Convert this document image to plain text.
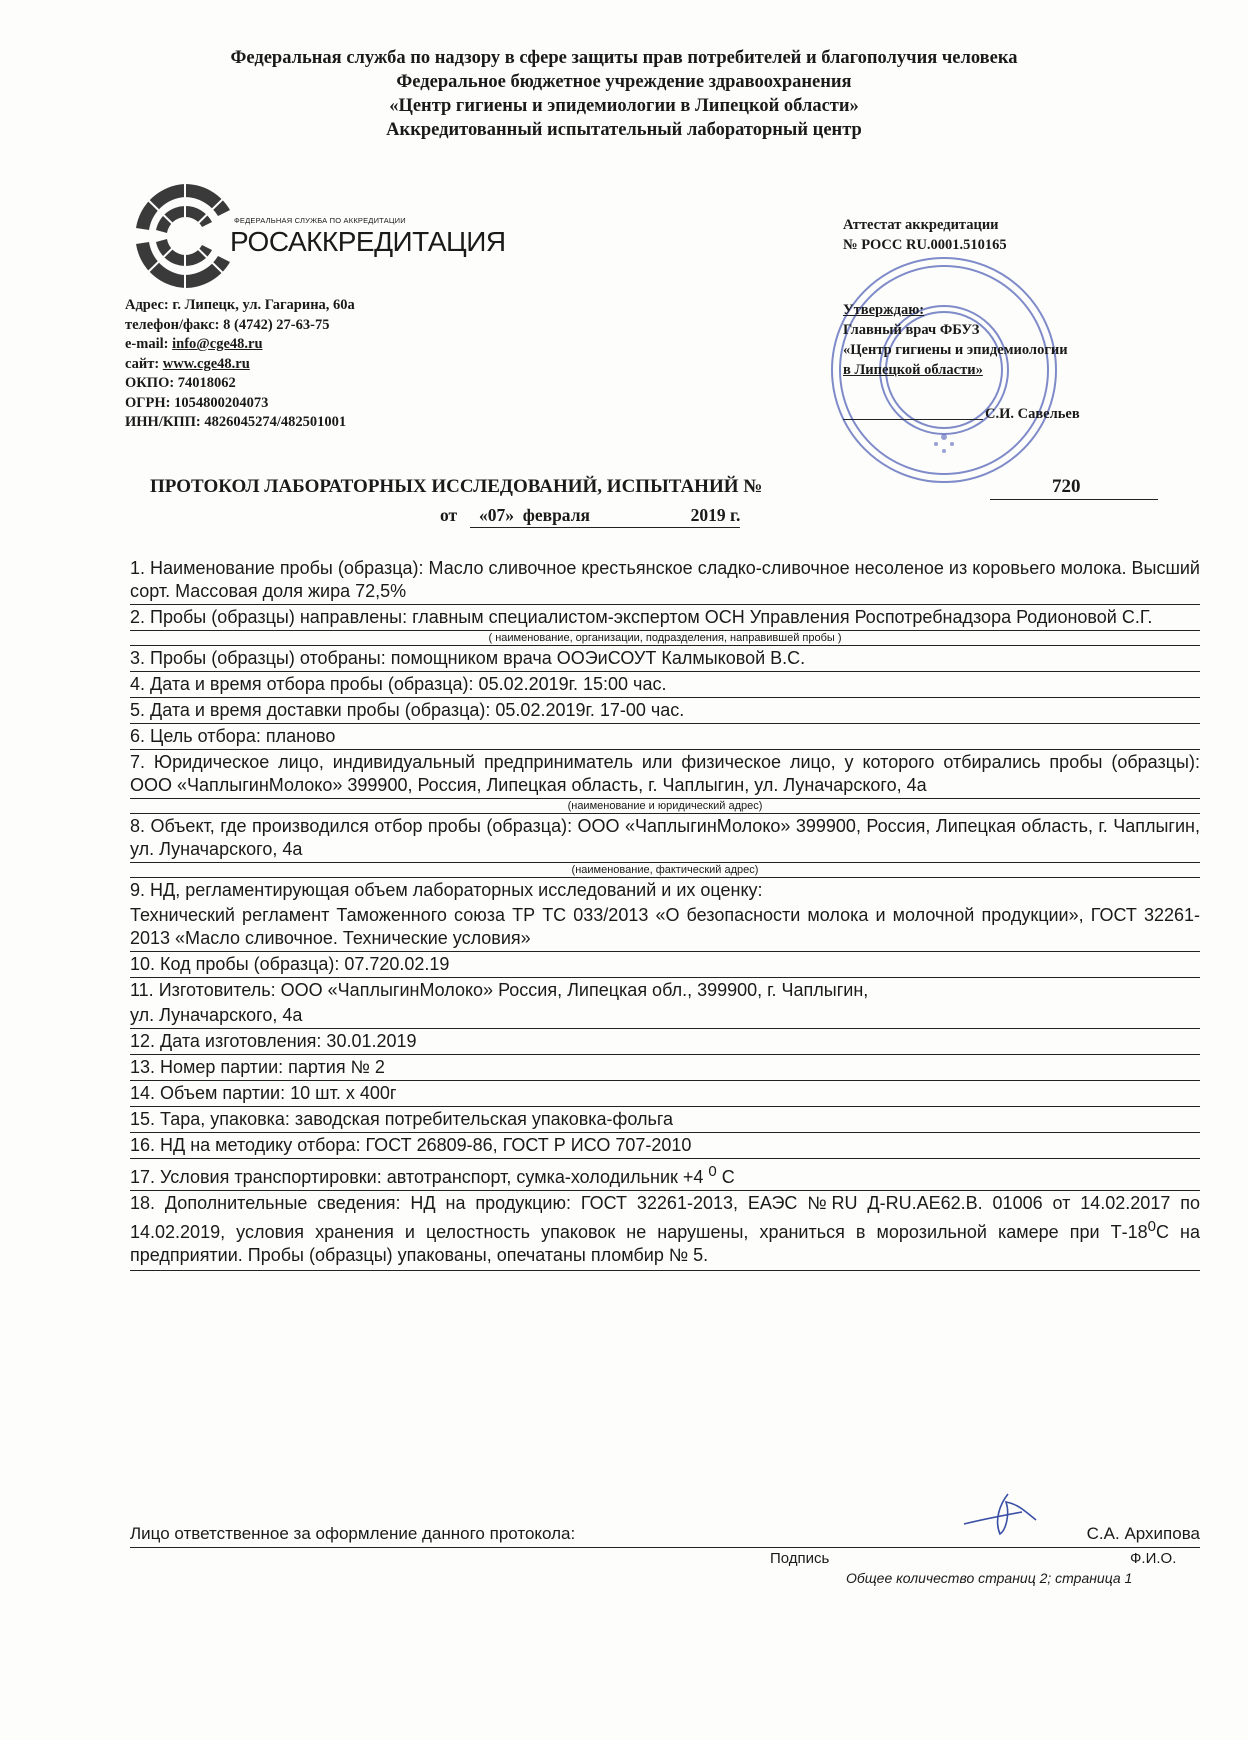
Федеральная служба по надзору в сфере защиты прав потребителей и благополучия человека
Федеральное бюджетное учреждение здравоохранения
«Центр гигиены и эпидемиологии в Липецкой области»
Аккредитованный испытательный лабораторный центр
ФЕДЕРАЛЬНАЯ СЛУЖБА ПО АККРЕДИТАЦИИ
РОСАККРЕДИТАЦИЯ
Адрес: г. Липецк, ул. Гагарина, 60а
телефон/факс: 8 (4742) 27-63-75
e-mail: info@cge48.ru
сайт: www.cge48.ru
ОКПО: 74018062
ОГРН: 1054800204073
ИНН/КПП: 4826045274/482501001
Аттестат аккредитации
№ РОСС RU.0001.510165
Утверждаю:
Главный врач ФБУЗ
«Центр гигиены и эпидемиологии
в Липецкой области»
С.И. Савельев
ПРОТОКОЛ ЛАБОРАТОРНЫХ ИССЛЕДОВАНИЙ, ИСПЫТАНИЙ №	720
от «07» февраля	2019 г.
1. Наименование пробы (образца): Масло сливочное крестьянское сладко-сливочное несоленое из коровьего молока. Высший сорт. Массовая доля жира 72,5%
2. Пробы (образцы) направлены: главным специалистом-экспертом ОСН Управления Роспотребнадзора Родионовой С.Г.
( наименование, организации, подразделения, направившей пробы )
3. Пробы (образцы) отобраны: помощником врача ООЭиСОУТ Калмыковой В.С.
4. Дата и время отбора пробы (образца): 05.02.2019г. 15:00 час.
5. Дата и время доставки пробы (образца): 05.02.2019г. 17-00 час.
6. Цель отбора: планово
7. Юридическое лицо, индивидуальный предприниматель или физическое лицо, у которого отбирались пробы (образцы): ООО «ЧаплыгинМолоко» 399900, Россия, Липецкая область, г. Чаплыгин, ул. Луначарского, 4а
(наименование и юридический адрес)
8. Объект, где производился отбор пробы (образца): ООО «ЧаплыгинМолоко» 399900, Россия, Липецкая область, г. Чаплыгин, ул. Луначарского, 4а
(наименование, фактический адрес)
9. НД, регламентирующая объем лабораторных исследований и их оценку:
Технический регламент Таможенного союза ТР ТС 033/2013 «О безопасности молока и молочной продукции», ГОСТ 32261-2013 «Масло сливочное. Технические условия»
10. Код пробы (образца): 07.720.02.19
11. Изготовитель: ООО «ЧаплыгинМолоко» Россия, Липецкая обл., 399900, г. Чаплыгин,
ул. Луначарского, 4а
12. Дата изготовления: 30.01.2019
13. Номер партии: партия № 2
14. Объем партии: 10 шт. х 400г
15. Тара, упаковка: заводская потребительская упаковка-фольга
16. НД на методику отбора: ГОСТ 26809-86, ГОСТ Р ИСО 707-2010
17. Условия транспортировки: автотранспорт, сумка-холодильник +4 $^0$ С
18. Дополнительные сведения: НД на продукцию: ГОСТ 32261-2013, ЕАЭС №RU Д-RU.АЕ62.В. 01006 от 14.02.2017 по 14.02.2019, условия хранения и целостность упаковок не нарушены, храниться в морозильной камере при $Т-18^0С$ на предприятии. Пробы (образцы) упакованы, опечатаны пломбир № 5.
Лицо ответственное за оформление данного протокола:	С.А. Архипова
Подпись	Ф.И.О.
Общее количество страниц 2; страница 1
